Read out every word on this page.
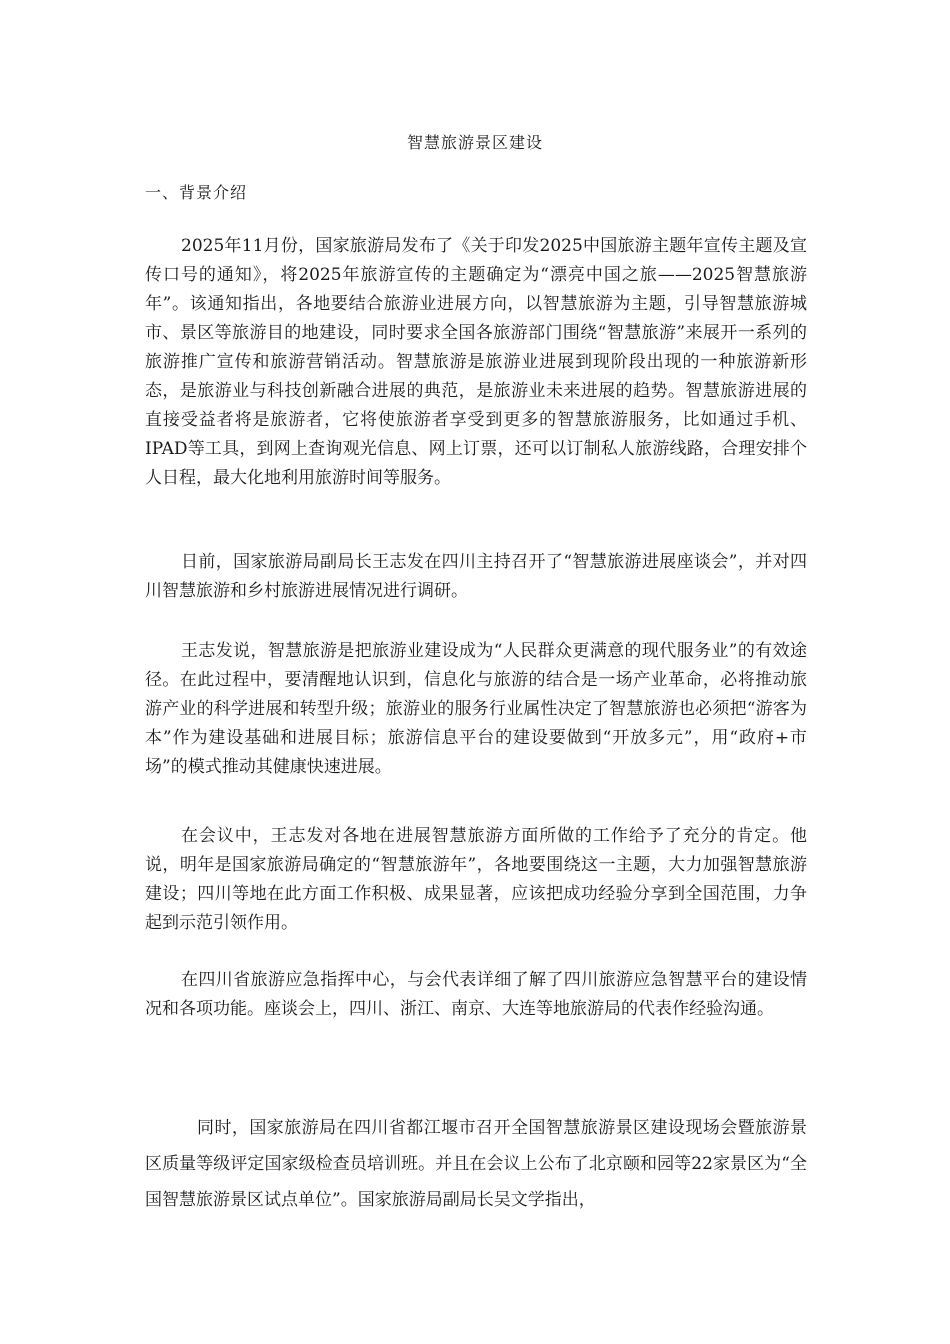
智慧旅游景区建设
一、背景介绍

2025年11月份，国家旅游局发布了《关于印发2025中国旅游主题年宣传主题及宣传口号的通知》，将2025年旅游宣传的主题确定为“漂亮中国之旅——2025智慧旅游年”。该通知指出，各地要结合旅游业进展方向，以智慧旅游为主题，引导智慧旅游城市、景区等旅游目的地建设，同时要求全国各旅游部门围绕“智慧旅游”来展开一系列的旅游推广宣传和旅游营销活动。智慧旅游是旅游业进展到现阶段出现的一种旅游新形态，是旅游业与科技创新融合进展的典范，是旅游业未来进展的趋势。智慧旅游进展的直接受益者将是旅游者，它将使旅游者享受到更多的智慧旅游服务，比如通过手机、IPAD等工具，到网上查询观光信息、网上订票，还可以订制私人旅游线路，合理安排个人日程，最大化地利用旅游时间等服务。

日前，国家旅游局副局长王志发在四川主持召开了“智慧旅游进展座谈会”，并对四川智慧旅游和乡村旅游进展情况进行调研。

王志发说，智慧旅游是把旅游业建设成为“人民群众更满意的现代服务业”的有效途径。在此过程中，要清醒地认识到，信息化与旅游的结合是一场产业革命，必将推动旅游产业的科学进展和转型升级；旅游业的服务行业属性决定了智慧旅游也必须把“游客为本”作为建设基础和进展目标；旅游信息平台的建设要做到“开放多元”，用“政府+市场”的模式推动其健康快速进展。

在会议中，王志发对各地在进展智慧旅游方面所做的工作给予了充分的肯定。他说，明年是国家旅游局确定的“智慧旅游年”，各地要围绕这一主题，大力加强智慧旅游建设；四川等地在此方面工作积极、成果显著，应该把成功经验分享到全国范围，力争起到示范引领作用。

在四川省旅游应急指挥中心，与会代表详细了解了四川旅游应急智慧平台的建设情况和各项功能。座谈会上，四川、浙江、南京、大连等地旅游局的代表作经验沟通。

同时，国家旅游局在四川省都江堰市召开全国智慧旅游景区建设现场会暨旅游景区质量等级评定国家级检查员培训班。并且在会议上公布了北京颐和园等22家景区为“全国智慧旅游景区试点单位”。国家旅游局副局长吴文学指出，
